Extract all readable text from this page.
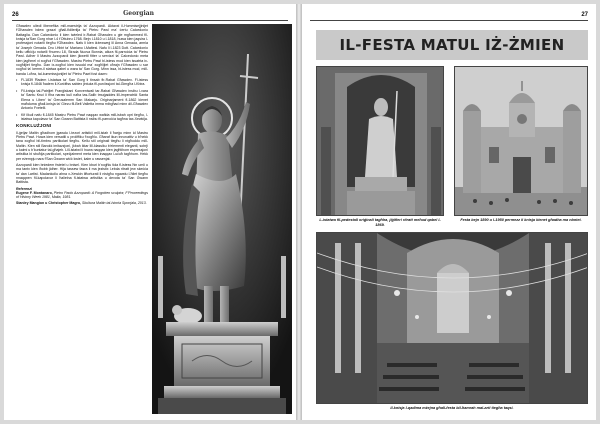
26	Georgian

Għawdex uliedi ilbenefika mill-maestrija ta' Azzopardi. Aktaxxi il-Hummisejjinijet f'Għawdex bdew grazzi għall-fidileriija ta' Pietru Pawl ma' ċertu Calcedonio Battaglia. Dan Calcedonio li kien twieled ir-Rabat Għawdex u gie mgħammed fil-knisja ta'San Gorg nhar l-4 t'Ottubru 1768. Bejn l-1810 u l-1818, huwa kien jaqsira l-professjoni notarili tiegħu f'Għawdex. Nafu li kien iżżewweġ lil Anna Genada, armla ta' Joseph Genada. Dru l-Hbiri ta' Mariano l-Maltesi. Nafu li l-1823 Dott. Calcedonio kellu uffiċċju notarili f'numru 18, Strada Nuova Bonnia, allura fil-parroċċa ta' Pietru Pawl. Adher li Mastru Azzopardi kien jikwetti fitter u servizzi ta' Calcedonio meta kien jagħmel xi xogħol f'Għawdex. Mastru Pietru Pawl bl-istess mod kien issatrta ix-xogħlijiet tiegħu. Dan ix-xogħol kien issodd ma' xogħlijiet oħrajn f'Għawdex u sar xogħol ta' kemm-il statwa qabel u wara ta' San Gorg. Minn issa, bl-istess mod, mill-banda l-oħra, tal-kummissjonijiet ta' Pietru Pawl fost dawn:

• Fl-1839 Ħadem l-istatwa ta' San Gorg li tinsab fir-Rabat Għawdex. Fl-istess knisja fl-1846 ħadem il-Kurċifiss sabiex jintuża fil-purċissjoni tal-Ġimgħa l-Kbira.
• Fil-knisja tal-Patrijiet Franġiskani Konventwali tar-Rabat Għawdex insibu l-vara ta' Santu Kruċ li fiha naraw kull naħa tas-Salib tmuġaddes lill-imperatriċi Santa Elena u l-iben' ta' Ġerusalemm San Makarju. Originarjament fl-1862 kienet maħduma għall-knisja ta' Giezu fil-Belt Valletta imma mibgħad minn dil-Għawdex Antonio Fvetelli.
• Kif ilkull nafu fl-1845 Mastru Pietru Pawl naqqax wafida mill-isbah opri tiegħu, l-istatwa kapolavur ta' San Ġwann Battista li nsibu fil-parroċċa tagħna tax-Xewkija.
KONKLUŻJONI

Il-ġeljar Maltin għadhom jgawdu l-tezori artistiċi mill-istah li ħarġu minn id Mastru Pietru Pawl. Huwa kien versatili u proliffiku f'xogħlu. Għaraf ikun innovattiv u b'hekk tana xogħol bil-timbru partikolari tiegħu. Kellu stil originali tiegħu li ntgħoddu mill-Maltin. Kien stil Barokk imitazzjoni, jkbah iktar lill-klassiku b'elementi eleganti, sobrji u kalmi u b'kuntatur tal-għajeb. Lill-istatwi li huwa naqqax kien jagħtihom espressjoni artistika bi sbuħija partikolari, speċjalment meta kien inaqqax l-uċuħ tagħhom. Hekk per eżempju nara f'San Ġwann wiċċ kwiet, kalm u rassenjat.

Azzopardi kien bniedem fwietel u bnisel. Kien kburi b'xogħlu tida fl-istess ħin umli u ma tantx kien iħobb jidher. Hija tassew fasra li ma jezistix l-ebda ritratt jew skeċċa ta' dan l-artist. Madankollu ahna x-Xewkin ilftorturati li nistgħu ngawdu l-ħilet tiegħu nnaqqxen fil-kapolavur li ħalielna fl-istatwa artistika u devota ta' San Ġwann Battista.

Referenzi
Eugene F. Montanaro, Pietro Paolo Azzopardi: A Forgotten sculptor, F'Proceedings of History Week 1981, Malta, 1981.
Stanley Mangion u Christopher Magro, Skultura Maltin tal-Istoria Sponjala, 2013.
27
IL-FESTA MATUL IŻ-ŻMIEN
L-istatwa fil-pedestall oriġinali tagħha, jiġifieri ritratt meħud qabel l-1869.
Festa bejn 1890 u l-1950 permezz li knisja kienet għadha ma nbniet.
Il-knisja l-qadima mżejna għall-festa bil-ħamrah mal-arti tiegħa taqsi.
